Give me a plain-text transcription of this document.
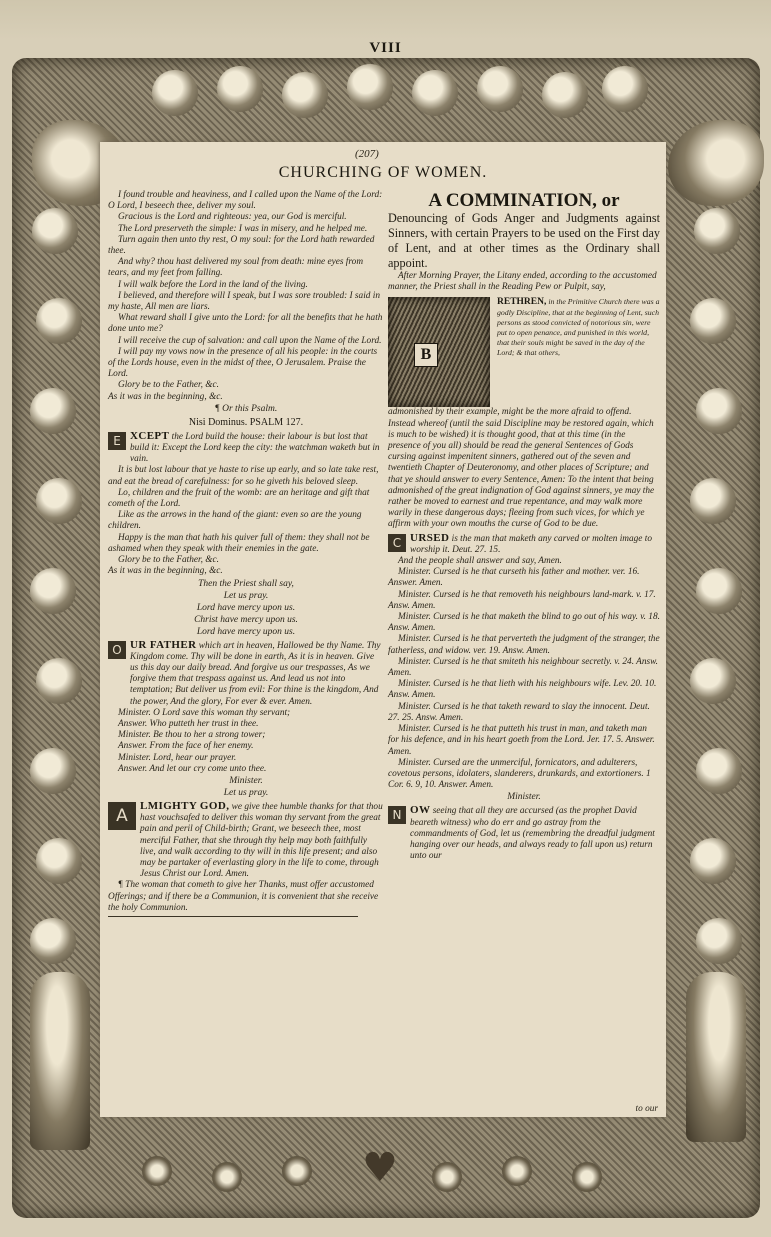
VIII
♥
(207)
CHURCHING OF WOMEN.

I found trouble and heaviness, and I called upon the Name of the Lord: O Lord, I beseech thee, deliver my soul.

Gracious is the Lord and righteous: yea, our God is merciful.

The Lord preserveth the simple: I was in misery, and he helped me.

Turn again then unto thy rest, O my soul: for the Lord hath rewarded thee.

And why? thou hast delivered my soul from death: mine eyes from tears, and my feet from falling.

I will walk before the Lord in the land of the living.

I believed, and therefore will I speak, but I was sore troubled: I said in my haste, All men are liars.

What reward shall I give unto the Lord: for all the benefits that he hath done unto me?

I will receive the cup of salvation: and call upon the Name of the Lord.

I will pay my vows now in the presence of all his people: in the courts of the Lords house, even in the midst of thee, O Jerusalem. Praise the Lord.

Glory be to the Father, &c.

As it was in the beginning, &c.

¶ Or this Psalm.

Nisi Dominus. PSALM 127.

E XCEPT the Lord build the house: their labour is but lost that build it: Except the Lord keep the city: the watchman waketh but in vain.

It is but lost labour that ye haste to rise up early, and so late take rest, and eat the bread of carefulness: for so he giveth his beloved sleep.

Lo, children and the fruit of the womb: are an heritage and gift that cometh of the Lord.

Like as the arrows in the hand of the giant: even so are the young children.

Happy is the man that hath his quiver full of them: they shall not be ashamed when they speak with their enemies in the gate.

Glory be to the Father, &c.

As it was in the beginning, &c.

Then the Priest shall say,

Let us pray.

Lord have mercy upon us.

Christ have mercy upon us.

Lord have mercy upon us.

O UR FATHER which art in heaven, Hallowed be thy Name. Thy Kingdom come. Thy will be done in earth, As it is in heaven. Give us this day our daily bread. And forgive us our trespasses, As we forgive them that trespass against us. And lead us not into temptation; But deliver us from evil: For thine is the kingdom, And the power, And the glory, For ever & ever. Amen.

Minister. O Lord save this woman thy servant;

Answer. Who putteth her trust in thee.

Minister. Be thou to her a strong tower;

Answer. From the face of her enemy.

Minister. Lord, hear our prayer.

Answer. And let our cry come unto thee.

Minister.

Let us pray.

A	LMIGHTY GOD, we give thee humble thanks for that thou hast vouchsafed to deliver this woman thy servant from the great pain and peril of Child-birth; Grant, we beseech thee, most merciful Father, that she through thy help may both faithfully live, and walk according to thy will in this life present; and also may be partaker of everlasting glory in the life to come, through Jesus Christ our Lord. Amen.

¶ The woman that cometh to give her Thanks, must offer accustomed Offerings; and if there be a Communion, it is convenient that she receive the holy Communion.

A COMMINATION, or

Denouncing of Gods Anger and Judgments against Sinners, with certain Prayers to be used on the First day of Lent, and at other times as the Ordinary shall appoint.

After Morning Prayer, the Litany ended, according to the accustomed manner, the Priest shall in the Reading Pew or Pulpit, say,

B

RETHREN, in the Primitive Church there was a godly Discipline, that at the beginning of Lent, such persons as stood convicted of notorious sin, were put to open penance, and punished in this world, that their souls might be saved in the day of the Lord; & that others,

admonished by their example, might be the more afraid to offend. Instead whereof (until the said Discipline may be restored again, which is much to be wished) it is thought good, that at this time (in the presence of you all) should be read the general Sentences of Gods cursing against impenitent sinners, gathered out of the seven and twentieth Chapter of Deuteronomy, and other places of Scripture; and that ye should answer to every Sentence, Amen: To the intent that being admonished of the great indignation of God against sinners, ye may the rather be moved to earnest and true repentance, and may walk more warily in these dangerous days; fleeing from such vices, for which ye affirm with your own mouths the curse of God to be due.

C URSED is the man that maketh any carved or molten image to worship it. Deut. 27. 15.

And the people shall answer and say, Amen.

Minister. Cursed is he that curseth his father and mother. ver. 16. Answer. Amen.

Minister. Cursed is he that removeth his neighbours land-mark. v. 17. Answ. Amen.

Minister. Cursed is he that maketh the blind to go out of his way. v. 18. Answ. Amen.

Minister. Cursed is he that perverteth the judgment of the stranger, the fatherless, and widow. ver. 19. Answ. Amen.

Minister. Cursed is he that smiteth his neighbour secretly. v. 24. Answ. Amen.

Minister. Cursed is he that lieth with his neighbours wife. Lev. 20. 10. Answ. Amen.

Minister. Cursed is he that taketh reward to slay the innocent. Deut. 27. 25. Answ. Amen.

Minister. Cursed is he that putteth his trust in man, and taketh man for his defence, and in his heart goeth from the Lord. Jer. 17. 5. Answer. Amen.

Minister. Cursed are the unmerciful, fornicators, and adulterers, covetous persons, idolaters, slanderers, drunkards, and extortioners. 1 Cor. 6. 9, 10. Answer. Amen.

Minister.

N OW seeing that all they are accursed (as the prophet David beareth witness) who do err and go astray from the commandments of God, let us (remembring the dreadful judgment hanging over our heads, and always ready to fall upon us) return unto our

to our
